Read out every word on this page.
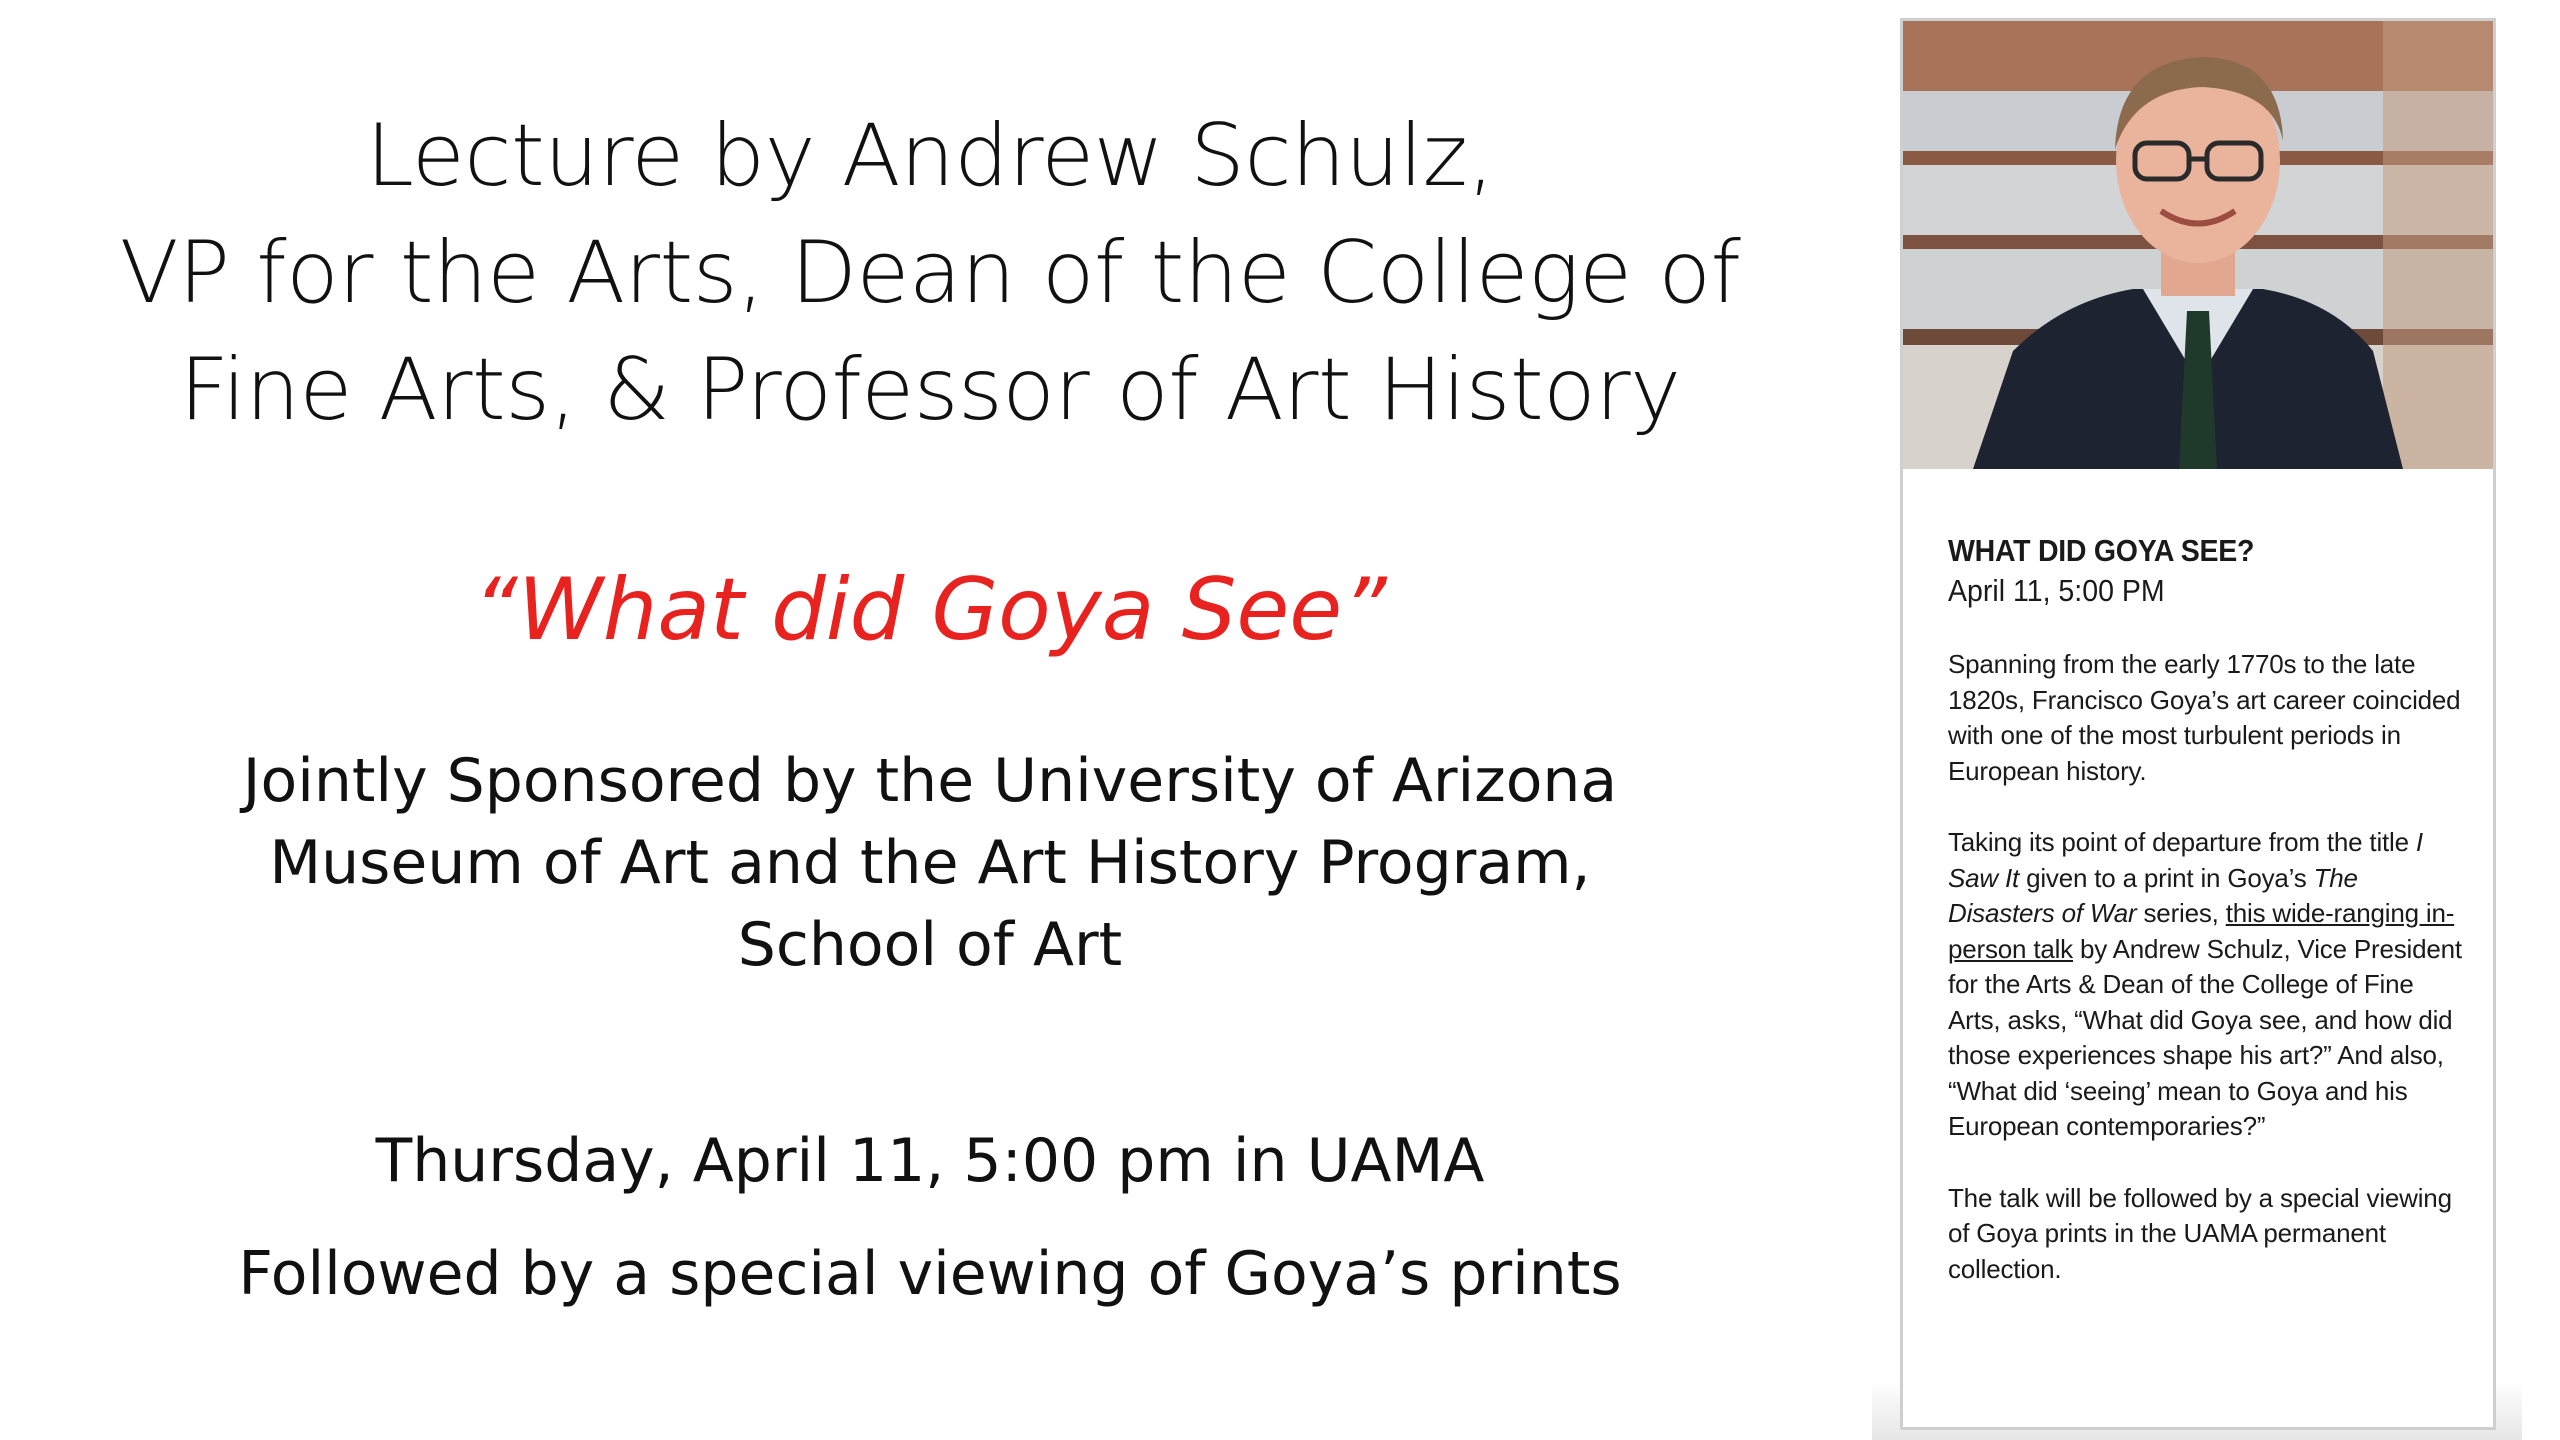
Lecture by Andrew Schulz,
VP for the Arts, Dean of the College of
Fine Arts, & Professor of Art History
“What did Goya See”
Jointly Sponsored by the University of Arizona
Museum of Art and the Art History Program,
School of Art
Thursday, April 11, 5:00 pm in UAMA
Followed by a special viewing of Goya’s prints
WHAT DID GOYA SEE?
April 11, 5:00 PM
Spanning from the early 1770s to the late 1820s, Francisco Goya’s art career coincided with one of the most turbulent periods in European history.
Taking its point of departure from the title I Saw It given to a print in Goya’s The Disasters of War series, this wide-ranging in-person talk by Andrew Schulz, Vice President for the Arts & Dean of the College of Fine Arts, asks, “What did Goya see, and how did those experiences shape his art?” And also, “What did ‘seeing’ mean to Goya and his European contemporaries?”
The talk will be followed by a special viewing of Goya prints in the UAMA permanent collection.
